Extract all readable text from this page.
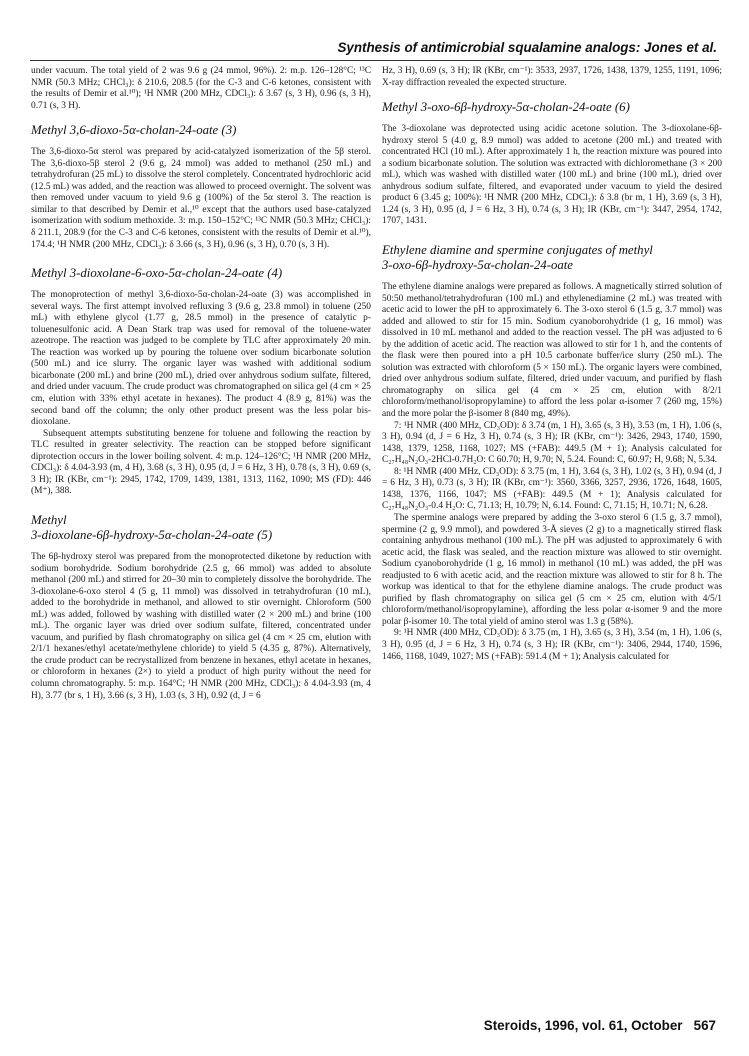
Synthesis of antimicrobial squalamine analogs: Jones et al.

under vacuum. The total yield of 2 was 9.6 g (24 mmol, 96%). 2: m.p. 126–128°C; ¹³C NMR (50.3 MHz; CHCl₃): δ 210.6, 208.5 (for the C-3 and C-6 ketones, consistent with the results of Demir et al.¹⁰); ¹H NMR (200 MHz, CDCl₃): δ 3.67 (s, 3 H), 0.96 (s, 3 H), 0.71 (s, 3 H).

Methyl 3,6-dioxo-5α-cholan-24-oate (3)

The 3,6-dioxo-5α sterol was prepared by acid-catalyzed isomerization of the 5β sterol. The 3,6-dioxo-5β sterol 2 (9.6 g, 24 mmol) was added to methanol (250 mL) and tetrahydrofuran (25 mL) to dissolve the sterol completely. Concentrated hydrochloric acid (12.5 mL) was added, and the reaction was allowed to proceed overnight. The solvent was then removed under vacuum to yield 9.6 g (100%) of the 5α sterol 3. The reaction is similar to that described by Demir et al.,¹⁰ except that the authors used base-catalyzed isomerization with sodium methoxide. 3: m.p. 150–152°C; ¹³C NMR (50.3 MHz; CHCl₃): δ 211.1, 208.9 (for the C-3 and C-6 ketones, consistent with the results of Demir et al.¹⁰), 174.4; ¹H NMR (200 MHz, CDCl₃): δ 3.66 (s, 3 H), 0.96 (s, 3 H), 0.70 (s, 3 H).

Methyl 3-dioxolane-6-oxo-5α-cholan-24-oate (4)

The monoprotection of methyl 3,6-dioxo-5α-cholan-24-oate (3) was accomplished in several ways. The first attempt involved refluxing 3 (9.6 g, 23.8 mmol) in toluene (250 mL) with ethylene glycol (1.77 g, 28.5 mmol) in the presence of catalytic p-toluenesulfonic acid. A Dean Stark trap was used for removal of the toluene-water azeotrope. The reaction was judged to be complete by TLC after approximately 20 min. The reaction was worked up by pouring the toluene over sodium bicarbonate solution (500 mL) and ice slurry. The organic layer was washed with additional sodium bicarbonate (200 mL) and brine (200 mL), dried over anhydrous sodium sulfate, filtered, and dried under vacuum. The crude product was chromatographed on silica gel (4 cm × 25 cm, elution with 33% ethyl acetate in hexanes). The product 4 (8.9 g, 81%) was the second band off the column; the only other product present was the less polar bis-dioxolane.

Subsequent attempts substituting benzene for toluene and following the reaction by TLC resulted in greater selectivity. The reaction can be stopped before significant diprotection occurs in the lower boiling solvent. 4: m.p. 124–126°C; ¹H NMR (200 MHz, CDCl₃): δ 4.04-3.93 (m, 4 H), 3.68 (s, 3 H), 0.95 (d, J = 6 Hz, 3 H), 0.78 (s, 3 H), 0.69 (s, 3 H); IR (KBr, cm⁻¹): 2945, 1742, 1709, 1439, 1381, 1313, 1162, 1090; MS (FD): 446 (M⁺), 388.

Methyl
3-dioxolane-6β-hydroxy-5α-cholan-24-oate (5)

The 6β-hydroxy sterol was prepared from the monoprotected diketone by reduction with sodium borohydride. Sodium borohydride (2.5 g, 66 mmol) was added to absolute methanol (200 mL) and stirred for 20–30 min to completely dissolve the borohydride. The 3-dioxolane-6-oxo sterol 4 (5 g, 11 mmol) was dissolved in tetrahydrofuran (10 mL), added to the borohydride in methanol, and allowed to stir overnight. Chloroform (500 mL) was added, followed by washing with distilled water (2 × 200 mL) and brine (100 mL). The organic layer was dried over sodium sulfate, filtered, concentrated under vacuum, and purified by flash chromatography on silica gel (4 cm × 25 cm, elution with 2/1/1 hexanes/ethyl acetate/methylene chloride) to yield 5 (4.35 g, 87%). Alternatively, the crude product can be recrystallized from benzene in hexanes, ethyl acetate in hexanes, or chloroform in hexanes (2×) to yield a product of high purity without the need for column chromatography. 5: m.p. 164°C; ¹H NMR (200 MHz, CDCl₃): δ 4.04-3.93 (m, 4 H), 3.77 (br s, 1 H), 3.66 (s, 3 H), 1.03 (s, 3 H), 0.92 (d, J = 6

Hz, 3 H), 0.69 (s, 3 H); IR (KBr, cm⁻¹): 3533, 2937, 1726, 1438, 1379, 1255, 1191, 1096; X-ray diffraction revealed the expected structure.

Methyl 3-oxo-6β-hydroxy-5α-cholan-24-oate (6)

The 3-dioxolane was deprotected using acidic acetone solution. The 3-dioxolane-6β-hydroxy sterol 5 (4.0 g, 8.9 mmol) was added to acetone (200 mL) and treated with concentrated HCl (10 mL). After approximately 1 h, the reaction mixture was poured into a sodium bicarbonate solution. The solution was extracted with dichloromethane (3 × 200 mL), which was washed with distilled water (100 mL) and brine (100 mL), dried over anhydrous sodium sulfate, filtered, and evaporated under vacuum to yield the desired product 6 (3.45 g; 100%): ¹H NMR (200 MHz, CDCl₃): δ 3.8 (br m, 1 H), 3.69 (s, 3 H), 1.24 (s, 3 H), 0.95 (d, J = 6 Hz, 3 H), 0.74 (s, 3 H); IR (KBr, cm⁻¹): 3447, 2954, 1742, 1707, 1431.

Ethylene diamine and spermine conjugates of methyl
3-oxo-6β-hydroxy-5α-cholan-24-oate

The ethylene diamine analogs were prepared as follows. A magnetically stirred solution of 50:50 methanol/tetrahydrofuran (100 mL) and ethylenediamine (2 mL) was treated with acetic acid to lower the pH to approximately 6. The 3-oxo sterol 6 (1.5 g, 3.7 mmol) was added and allowed to stir for 15 min. Sodium cyanoborohydride (1 g, 16 mmol) was dissolved in 10 mL methanol and added to the reaction vessel. The pH was adjusted to 6 by the addition of acetic acid. The reaction was allowed to stir for 1 h, and the contents of the flask were then poured into a pH 10.5 carbonate buffer/ice slurry (250 mL). The solution was extracted with chloroform (5 × 150 mL). The organic layers were combined, dried over anhydrous sodium sulfate, filtered, dried under vacuum, and purified by flash chromatography on silica gel (4 cm × 25 cm, elution with 8/2/1 chloroform/methanol/isopropylamine) to afford the less polar α-isomer 7 (260 mg, 15%) and the more polar the β-isomer 8 (840 mg, 49%).

7: ¹H NMR (400 MHz, CD₃OD): δ 3.74 (m, 1 H), 3.65 (s, 3 H), 3.53 (m, 1 H), 1.06 (s, 3 H), 0.94 (d, J = 6 Hz, 3 H), 0.74 (s, 3 H); IR (KBr, cm⁻¹): 3426, 2943, 1740, 1590, 1438, 1379, 1258, 1168, 1027; MS (+FAB): 449.5 (M + 1); Analysis calculated for C₂₇H₄₈N₂O₃-2HCl-0.7H₂O: C 60.70; H, 9.70; N, 5.24. Found: C, 60.97; H, 9.68; N, 5.34.

8: ¹H NMR (400 MHz, CD₃OD): δ 3.75 (m, 1 H), 3.64 (s, 3 H), 1.02 (s, 3 H), 0.94 (d, J = 6 Hz, 3 H), 0.73 (s, 3 H); IR (KBr, cm⁻¹): 3560, 3366, 3257, 2936, 1726, 1648, 1605, 1438, 1376, 1166, 1047; MS (+FAB): 449.5 (M + 1); Analysis calculated for C₂₇H₄₈N₂O₃-0.4 H₂O: C, 71.13; H, 10.79; N, 6.14. Found: C, 71.15; H, 10.71; N, 6.28.

The spermine analogs were prepared by adding the 3-oxo sterol 6 (1.5 g, 3.7 mmol), spermine (2 g, 9.9 mmol), and powdered 3-Å sieves (2 g) to a magnetically stirred flask containing anhydrous methanol (100 mL). The pH was adjusted to approximately 6 with acetic acid, the flask was sealed, and the reaction mixture was allowed to stir overnight. Sodium cyanoborohydride (1 g, 16 mmol) in methanol (10 mL) was added, the pH was readjusted to 6 with acetic acid, and the reaction mixture was allowed to stir for 8 h. The workup was identical to that for the ethylene diamine analogs. The crude product was purified by flash chromatography on silica gel (5 cm × 25 cm, elution with 4/5/1 chloroform/methanol/isopropylamine), affording the less polar α-isomer 9 and the more polar β-isomer 10. The total yield of amino sterol was 1.3 g (58%).

9: ¹H NMR (400 MHz, CD₃OD): δ 3.75 (m, 1 H), 3.65 (s, 3 H), 3.54 (m, 1 H), 1.06 (s, 3 H), 0.95 (d, J = 6 Hz, 3 H), 0.74 (s, 3 H); IR (KBr, cm⁻¹): 3406, 2944, 1740, 1596, 1466, 1168, 1049, 1027; MS (+FAB): 591.4 (M + 1); Analysis calculated for

Steroids, 1996, vol. 61, October 567
